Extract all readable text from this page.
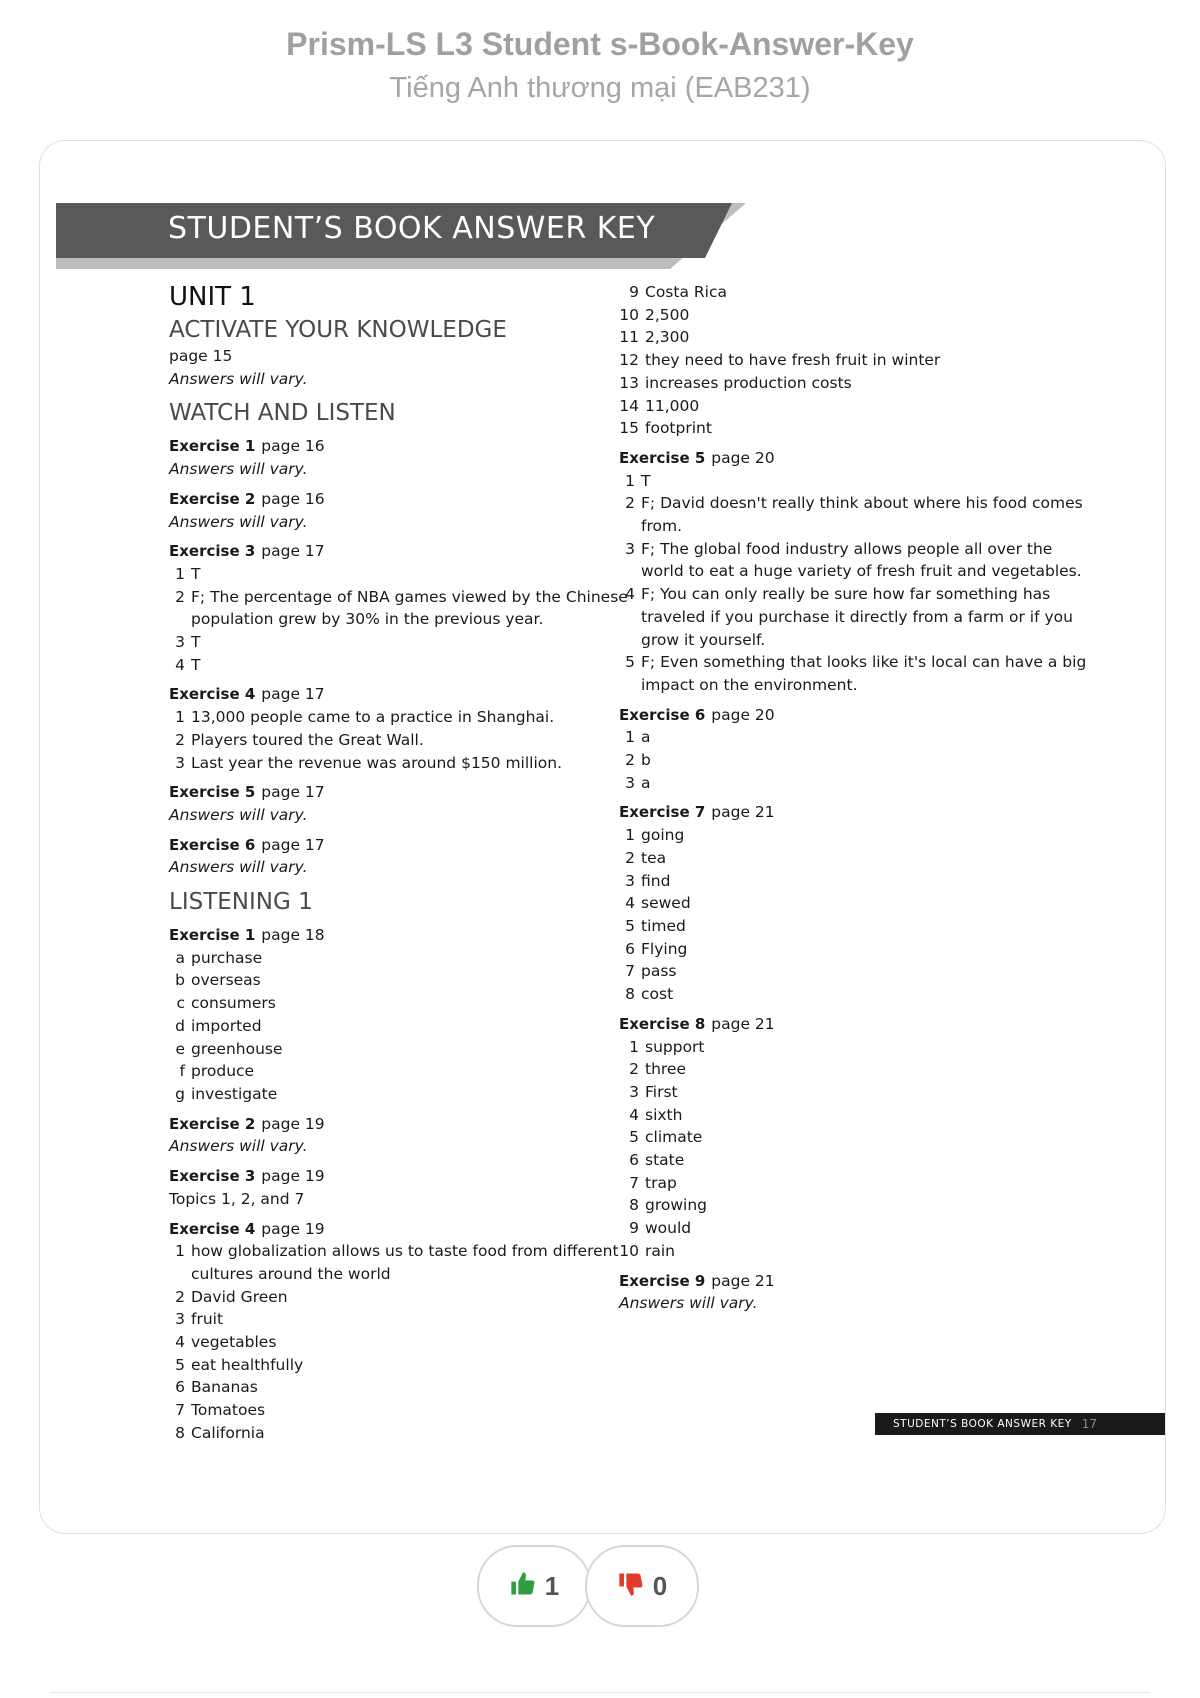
Prism-LS L3 Student s-Book-Answer-Key
Tiếng Anh thương mại (EAB231)
STUDENT’S BOOK ANSWER KEY
UNIT 1
ACTIVATE YOUR KNOWLEDGE
page 15
Answers will vary.
WATCH AND LISTEN
Exercise 1 page 16
Answers will vary.
Exercise 2 page 16
Answers will vary.
Exercise 3 page 17
1 T
2 F; The percentage of NBA games viewed by the Chinese population grew by 30% in the previous year.
3 T
4 T
Exercise 4 page 17
1 13,000 people came to a practice in Shanghai.
2 Players toured the Great Wall.
3 Last year the revenue was around $150 million.
Exercise 5 page 17
Answers will vary.
Exercise 6 page 17
Answers will vary.
LISTENING 1
Exercise 1 page 18
a purchase
b overseas
c consumers
d imported
e greenhouse
f produce
g investigate
Exercise 2 page 19
Answers will vary.
Exercise 3 page 19
Topics 1, 2, and 7
Exercise 4 page 19
1 how globalization allows us to taste food from different cultures around the world
2 David Green
3 fruit
4 vegetables
5 eat healthfully
6 Bananas
7 Tomatoes
8 California
9 Costa Rica
10 2,500
11 2,300
12 they need to have fresh fruit in winter
13 increases production costs
14 11,000
15 footprint
Exercise 5 page 20
1 T
2 F; David doesn't really think about where his food comes from.
3 F; The global food industry allows people all over the world to eat a huge variety of fresh fruit and vegetables.
4 F; You can only really be sure how far something has traveled if you purchase it directly from a farm or if you grow it yourself.
5 F; Even something that looks like it's local can have a big impact on the environment.
Exercise 6 page 20
1 a
2 b
3 a
Exercise 7 page 21
1 going
2 tea
3 find
4 sewed
5 timed
6 Flying
7 pass
8 cost
Exercise 8 page 21
1 support
2 three
3 First
4 sixth
5 climate
6 state
7 trap
8 growing
9 would
10 rain
Exercise 9 page 21
Answers will vary.
STUDENT’S BOOK ANSWER KEY 17
1	0
